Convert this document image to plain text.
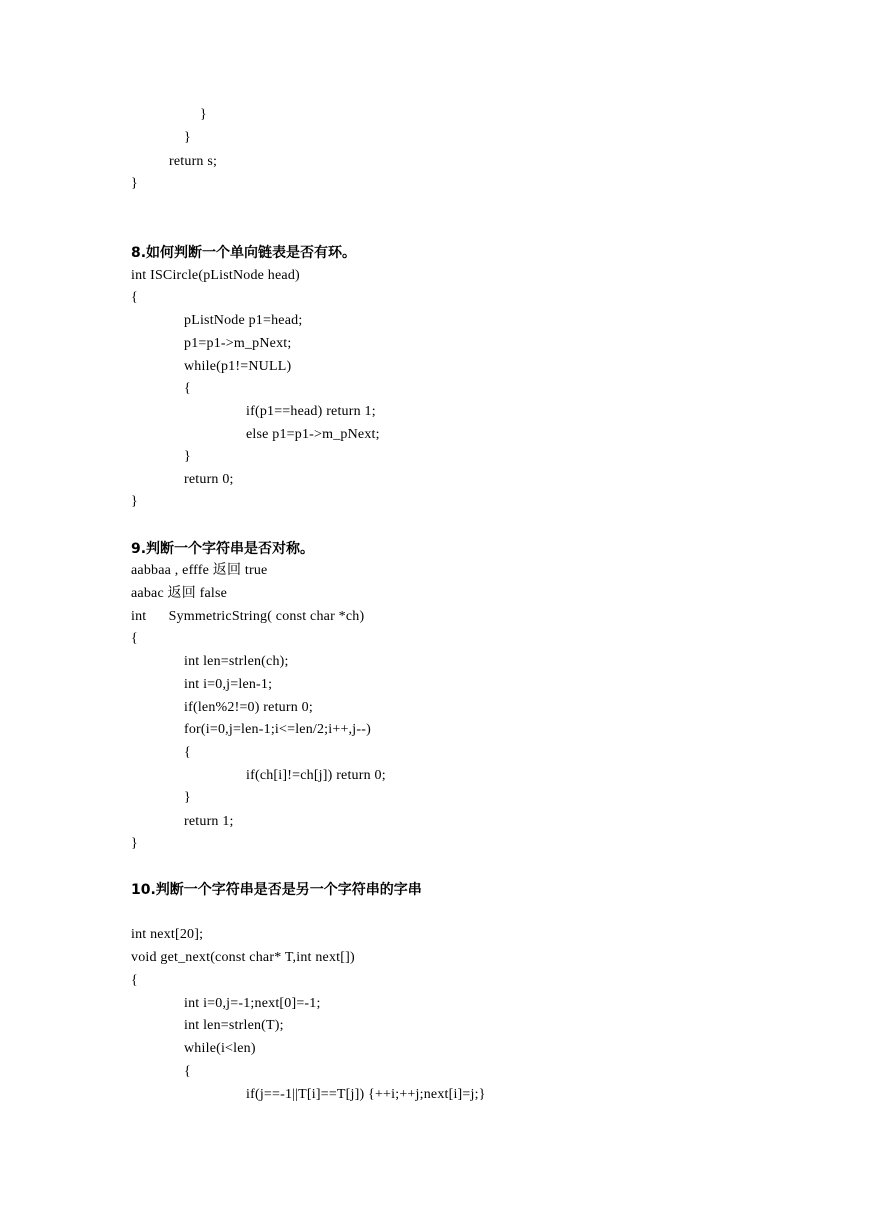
}
}
return s;
}
8.如何判断一个单向链表是否有环。
int ISCircle(pListNode head)
{
pListNode p1=head;
p1=p1->m_pNext;
while(p1!=NULL)
{
if(p1==head) return 1;
else p1=p1->m_pNext;
}
return 0;
}
9.判断一个字符串是否对称。
aabbaa , efffe 返回 true
aabac 返回 false
int      SymmetricString( const char *ch)
{
int len=strlen(ch);
int i=0,j=len-1;
if(len%2!=0) return 0;
for(i=0,j=len-1;i<=len/2;i++,j--)
{
if(ch[i]!=ch[j]) return 0;
}
return 1;
}
10.判断一个字符串是否是另一个字符串的字串
int next[20];
void get_next(const char* T,int next[])
{
int i=0,j=-1;next[0]=-1;
int len=strlen(T);
while(i<len)
{
if(j==-1||T[i]==T[j]) {++i;++j;next[i]=j;}
